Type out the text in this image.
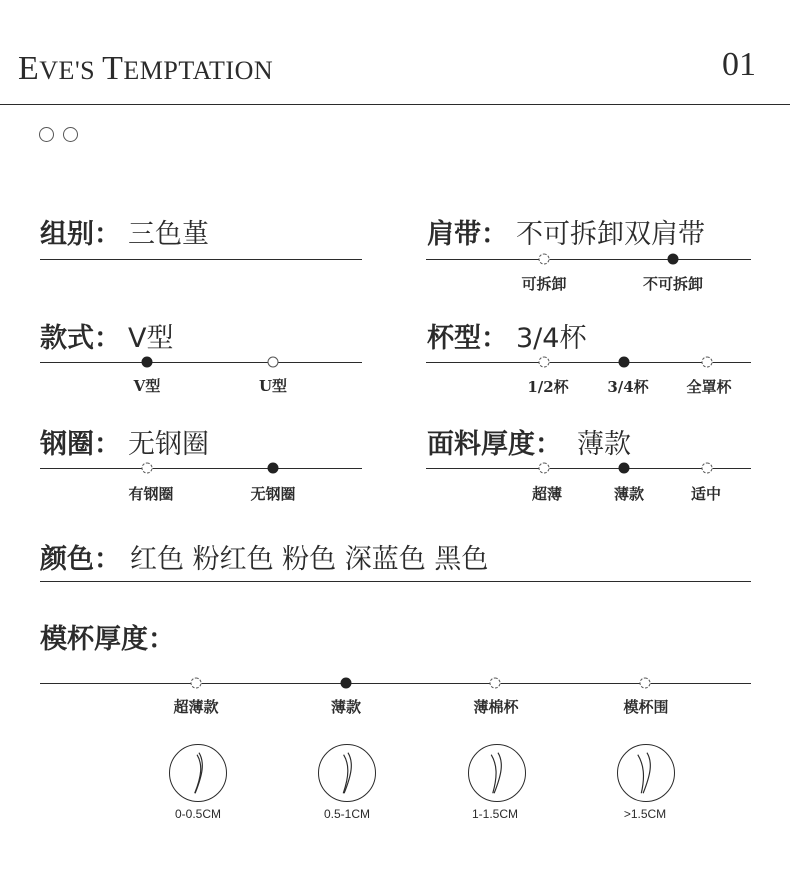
EVE'S TEMPTATION	01
组别： 三色堇	肩带： 不可拆卸双肩带
可拆卸	不可拆卸
款式： V型
V型	U型
杯型： 3/4杯
1/2杯	3/4杯	全罩杯
钢圈： 无钢圈
有钢圈	无钢圈
面料厚度： 薄款
超薄	薄款	适中
颜色： 红色 粉红色 粉色 深蓝色 黑色
模杯厚度：
超薄款	薄款	薄棉杯	模杯围
0-0.5CM	0.5-1CM	1-1.5CM	>1.5CM
